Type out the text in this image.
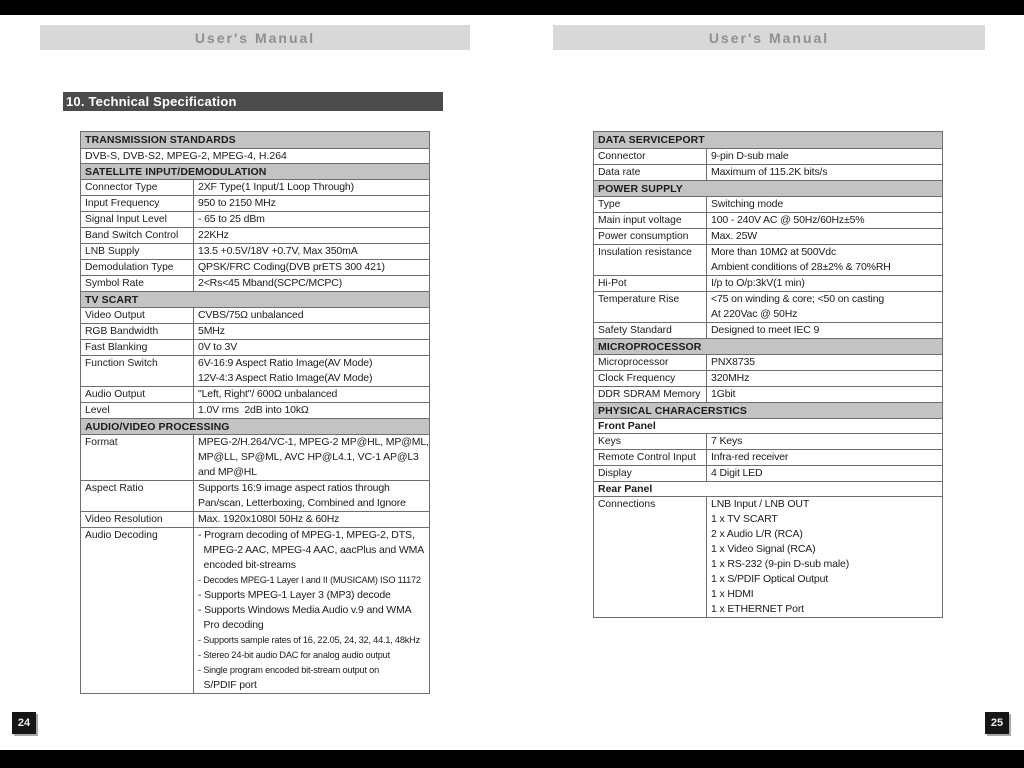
User's Manual
10. Technical Specification
TRANSMISSION STANDARDS
DVB-S, DVB-S2, MPEG-2, MPEG-4, H.264
SATELLITE INPUT/DEMODULATION
Connector Type	2XF Type(1 Input/1 Loop Through)
Input Frequency	950 to 2150 MHz
Signal Input Level	- 65 to 25 dBm
Band Switch Control	22KHz
LNB Supply	13.5 +0.5V/18V +0.7V, Max 350mA
Demodulation Type	QPSK/FRC Coding(DVB prETS 300 421)
Symbol Rate	2<Rs<45 Mband(SCPC/MCPC)
TV SCART
Video Output	CVBS/75Ω unbalanced
RGB Bandwidth	5MHz
Fast Blanking	0V to 3V
Function Switch	6V-16:9 Aspect Ratio Image(AV Mode)
12V-4:3 Aspect Ratio Image(AV Mode)
Audio Output	"Left, Right"/ 600Ω unbalanced
Level	1.0V rms  2dB into 10kΩ
AUDIO/VIDEO PROCESSING
Format	MPEG-2/H.264/VC-1, MPEG-2 MP@HL, MP@ML,
MP@LL, SP@ML, AVC HP@L4.1, VC-1 AP@L3
and MP@HL
Aspect Ratio	Supports 16:9 image aspect ratios through
Pan/scan, Letterboxing, Combined and Ignore
Video Resolution	Max. 1920x1080I 50Hz & 60Hz
Audio Decoding	- Program decoding of MPEG-1, MPEG-2, DTS,
MPEG-2 AAC, MPEG-4 AAC, aacPlus and WMA
encoded bit-streams
- Decodes MPEG-1 Layer I and II (MUSICAM) ISO 11172
- Supports MPEG-1 Layer 3 (MP3) decode
- Supports Windows Media Audio v.9 and WMA
Pro decoding
- Supports sample rates of 16, 22.05, 24, 32, 44.1, 48kHz
- Stereo 24-bit audio DAC for analog audio output
- Single program encoded bit-stream output on
S/PDIF port
24
User's Manual
DATA SERVICEPORT
Connector	9-pin D-sub male
Data rate	Maximum of 115.2K bits/s
POWER SUPPLY
Type	Switching mode
Main input voltage	100 - 240V AC @ 50Hz/60Hz±5%
Power consumption	Max. 25W
Insulation resistance	More than 10MΩ at 500Vdc
Ambient conditions of 28±2% & 70%RH
Hi-Pot	I/p to O/p:3kV(1 min)
Temperature Rise	<75 on winding & core; <50 on casting
At 220Vac @ 50Hz
Safety Standard	Designed to meet IEC 9
MICROPROCESSOR
Microprocessor	PNX8735
Clock Frequency	320MHz
DDR SDRAM Memory	1Gbit
PHYSICAL CHARACERSTICS
Front Panel
Keys	7 Keys
Remote Control Input	Infra-red receiver
Display	4 Digit LED
Rear Panel
Connections	LNB Input / LNB OUT
1 x TV SCART
2 x Audio L/R (RCA)
1 x Video Signal (RCA)
1 x RS-232 (9-pin D-sub male)
1 x S/PDIF Optical Output
1 x HDMI
1 x ETHERNET Port
25
